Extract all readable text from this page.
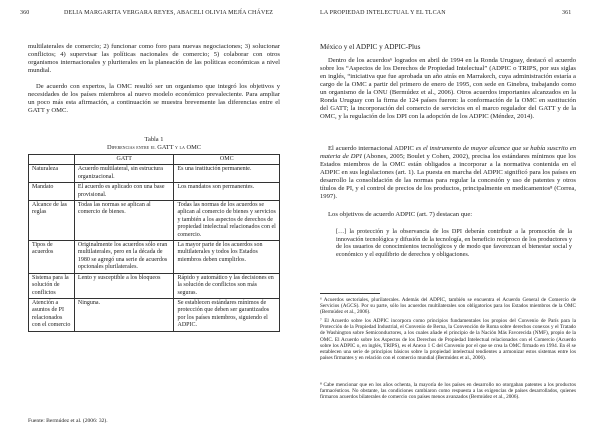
360	DELIA MARGARITA VERGARA REYES, ABACELI OLIVIA MEJÍA CHÁVEZ

multilaterales de comercio; 2) funcionar como foro para nuevas negociaciones; 3) solucionar conflictos; 4) supervisar las políticas nacionales de comercio; 5) colaborar con otros organismos internacionales y pluriterales en la planeación de las políticas económicas a nivel mundial.

De acuerdo con expertos, la OMC resultó ser un organismo que integró los objetivos y necesidades de los países miembros al nuevo modelo económico prevaleciente. Para ampliar un poco más esta afirmación, a continuación se muestra brevemente las diferencias entre el GATT y OMC.

Tabla 1
Diferencias entre el GATT y la OMC
	GATT	OMC
Naturaleza	Acuerdo multilateral, sin estructura organizacional.	Es una institución permanente.
Mandato	El acuerdo es aplicado con una base provisional.	Los mandatos son permanentes.
Alcance de las reglas	Todas las normas se aplican al comercio de bienes.	Todas las normas de los acuerdos se aplican al comercio de bienes y servicios y también a los aspectos de derechos de propiedad intelectual relacionados con el comercio.
Tipos de acuerdos	Originalmente los acuerdos sólo eran multilaterales, pero en la década de 1980 se agregó una serie de acuerdos opcionales plurilaterales.	La mayor parte de los acuerdos son multilaterales y todos los Estados miembros deben cumplirlos.
Sistema para la solución de conflictos	Lento y susceptible a los bloqueos	Rápido y automático y las decisiones en la solución de conflictos son más seguras.
Atención a asuntos de PI relacionados con el comercio	Ninguna.	Se establecen estándares mínimos de protección que deben ser garantizados por los países miembros, siguiendo el ADPIC.
Fuente: Bermúdez et al. (2006: 32).
LA PROPIEDAD INTELECTUAL Y EL TLCAN	361
México y el ADPIC y ADPIC-Plus

Dentro de los acuerdos⁶ logrados en abril de 1994 en la Ronda Uruguay, destacó el acuerdo sobre los “Aspectos de los Derechos de Propiedad Intelectual” (ADPIC o TRIPS, por sus siglas en inglés, “iniciativa que fue aprobada un año atrás en Marrakech, cuya administración estaría a cargo de la OMC a partir del primero de enero de 1995, con sede en Ginebra, trabajando como un organismo de la ONU (Bermúdez et al., 2006). Otros acuerdos importantes alcanzados en la Ronda Uruguay con la firma de 124 países fueron: la conformación de la OMC en sustitución del GATT; la incorporación del comercio de servicios en el marco regulador del GATT y de la OMC, y la regulación de los DPI con la adopción de los ADPIC (Méndez, 2014).

El acuerdo internacional ADPIC es el instrumento de mayor alcance que se había suscrito en materia de DPI (Abones, 2005; Boulet y Cohen, 2002), precisa los estándares mínimos que los Estados miembros de la OMC están obligados a incorporar a la normativa contenida en el ADPIC en sus legislaciones (art. 1). La puesta en marcha del ADPIC significó para los países en desarrollo la consolidación de las normas para regular la concesión y uso de patentes y otros títulos de PI, y el control de precios de los productos, principalmente en medicamentos⁸ (Correa, 1997).

Los objetivos de acuerdo ADPIC (art. 7) destacan que:

[…] la protección y la observancia de los DPI deberán contribuir a la promoción de la innovación tecnológica y difusión de la tecnología, en beneficio recíproco de los productores y de los usuarios de conocimientos tecnológicos y de modo que favorezcan el bienestar social y económico y el equilibrio de derechos y obligaciones.

⁶ Acuerdos sectoriales, plurilaterales. Además del ADPIC, también se encuentra el Acuerdo General de Comercio de Servicios (AGCS). Por su parte, sólo los acuerdos multilaterales son obligatorios para los Estados miembros de la OMC (Bermúdez et al., 2006).

⁷ El Acuerdo sobre los ADPIC incorpora como principios fundamentales los propios del Convenio de París para la Protección de la Propiedad Industrial, el Convenio de Berna, la Convención de Roma sobre derechos conexos y el Tratado de Washington sobre Semiconductores, a los cuales añade el principio de la Nación Más Favorecida (NMF), propio de la OMC. El Acuerdo sobre los Aspectos de los Derechos de Propiedad Intelectual relacionados con el Comercio (Acuerdo sobre los ADPIC o, en inglés, TRIPS), es el Anexo 1 C del Convenio por el que se crea la OMC firmado en 1994. En él se establecen una serie de principios básicos sobre la propiedad intelectual tendientes a armonizar estos sistemas entre los países firmantes y en relación con el comercio mundial (Bermúdez et al., 2006).

⁸ Cabe mencionar que en los años ochenta, la mayoría de los países en desarrollo no otorgaban patentes a los productos farmacéuticos. No obstante, las condiciones cambiaron como respuesta a las exigencias de países desarrollados, quienes firmaron acuerdos bilaterales de comercio con países menos avanzados (Bermúdez et al., 2006).
